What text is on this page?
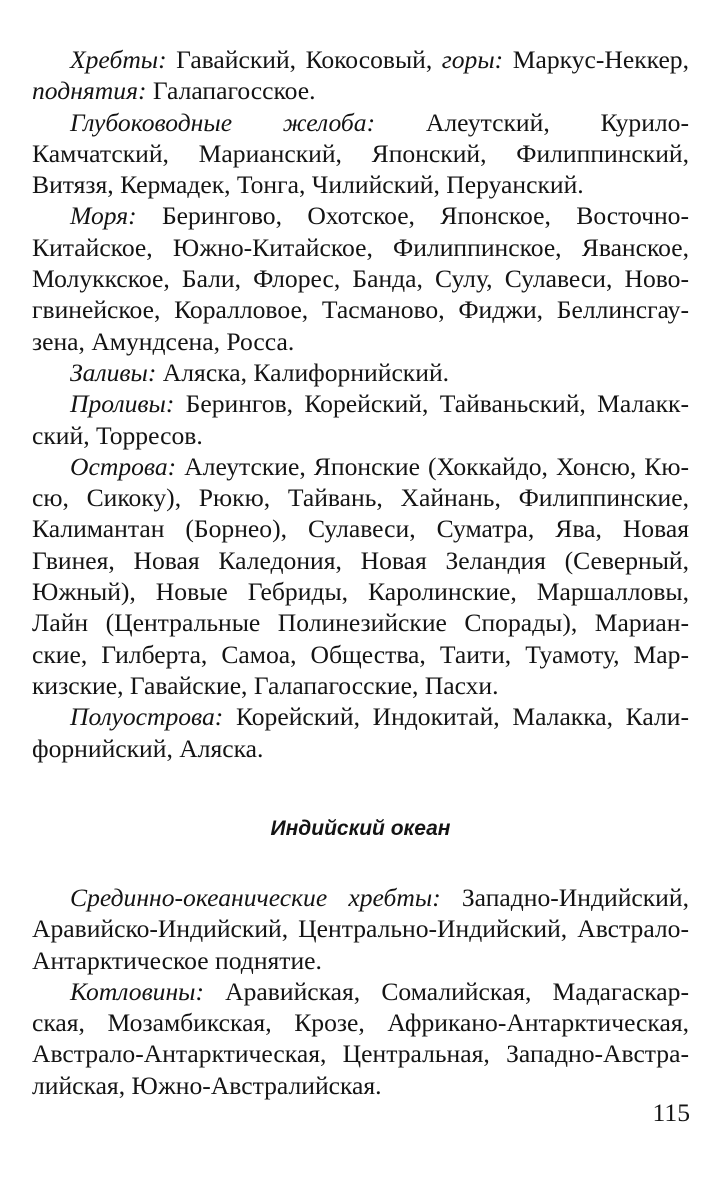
Хребты: Гавайский, Кокосовый, горы: Маркус-Неккер, поднятия: Галапагосское.

Глубоководные желоба: Алеутский, Курило-Камчатский, Марианский, Японский, Филиппинский, Витязя, Кермадек, Тонга, Чилийский, Перуанский.

Моря: Берингово, Охотское, Японское, Восточно-Китайское, Южно-Китайское, Филиппинское, Яванское, Молуккское, Бали, Флорес, Банда, Сулу, Сулавеси, Новогвинейское, Коралловое, Тасманово, Фиджи, Беллинсгаузена, Амундсена, Росса.

Заливы: Аляска, Калифорнийский.

Проливы: Берингов, Корейский, Тайваньский, Малаккский, Торресов.

Острова: Алеутские, Японские (Хоккайдо, Хонсю, Кюсю, Сикоку), Рюкю, Тайвань, Хайнань, Филиппинские, Калимантан (Борнео), Сулавеси, Суматра, Ява, Новая Гвинея, Новая Каледония, Новая Зеландия (Северный, Южный), Новые Гебриды, Каролинские, Маршалловы, Лайн (Центральные Полинезийские Спорады), Марианские, Гилберта, Самоа, Общества, Таити, Туамоту, Маркизские, Гавайские, Галапагосские, Пасхи.

Полуострова: Корейский, Индокитай, Малакка, Калифорнийский, Аляска.

Индийский океан

Срединно-океанические хребты: Западно-Индийский, Аравийско-Индийский, Центрально-Индийский, Австрало-Антарктическое поднятие.

Котловины: Аравийская, Сомалийская, Мадагаскарская, Мозамбикская, Крозе, Африкано-Антарктическая, Австрало-Антарктическая, Центральная, Западно-Австралийская, Южно-Австралийская.

115
